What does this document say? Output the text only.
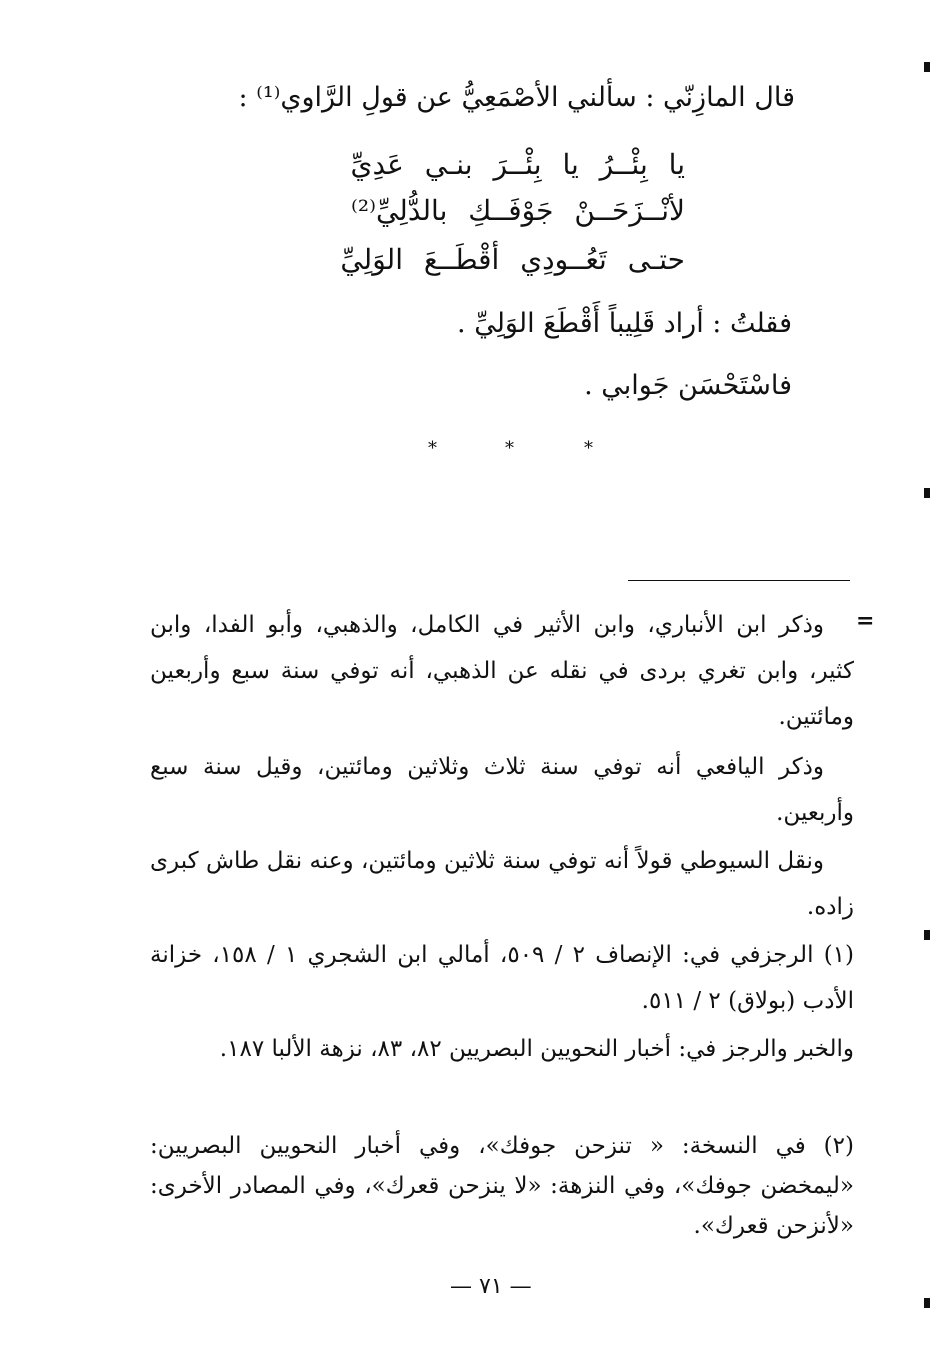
قال المازِنّي : سألني الأصْمَعِيُّ عن قولِ الرَّاوي⁽¹⁾ :
يا بِئْــرُ يا بِئْــرَ بنـي عَدِيِّ
لأنْــزَحَــنْ جَوْفَــكِ بالدُّلِيِّ⁽²⁾
حتـى تَعُــودِي أقْطَــعَ الوَلِيِّ
فقلتُ : أراد قَلِيباً أَقْطَعَ الوَلِيِّ .
فاسْتَحْسَن جَوابي .
*	*	*
=
وذكر ابن الأنباري، وابن الأثير في الكامل، والذهبي، وأبو الفدا، وابن كثير، وابن تغري بردى في نقله عن الذهبي، أنه توفي سنة سبع وأربعين ومائتين.
وذكر اليافعي أنه توفي سنة ثلاث وثلاثين ومائتين، وقيل سنة سبع وأربعين.
ونقل السيوطي قولاً أنه توفي سنة ثلاثين ومائتين، وعنه نقل طاش كبرى زاده.
(١) الرجزفي في: الإنصاف ٢ / ٥٠٩، أمالي ابن الشجري ١ / ١٥٨، خزانة الأدب (بولاق) ٢ / ٥١١.
والخبر والرجز في: أخبار النحويين البصريين ٨٢، ٨٣، نزهة الألبا ١٨٧.
(٢) في النسخة: « تنزحن جوفك»، وفي أخبار النحويين البصريين: «ليمخضن جوفك»، وفي النزهة: «لا ينزحن قعرك»، وفي المصادر الأخرى: «لأنزحن قعرك».
— ٧١ —
